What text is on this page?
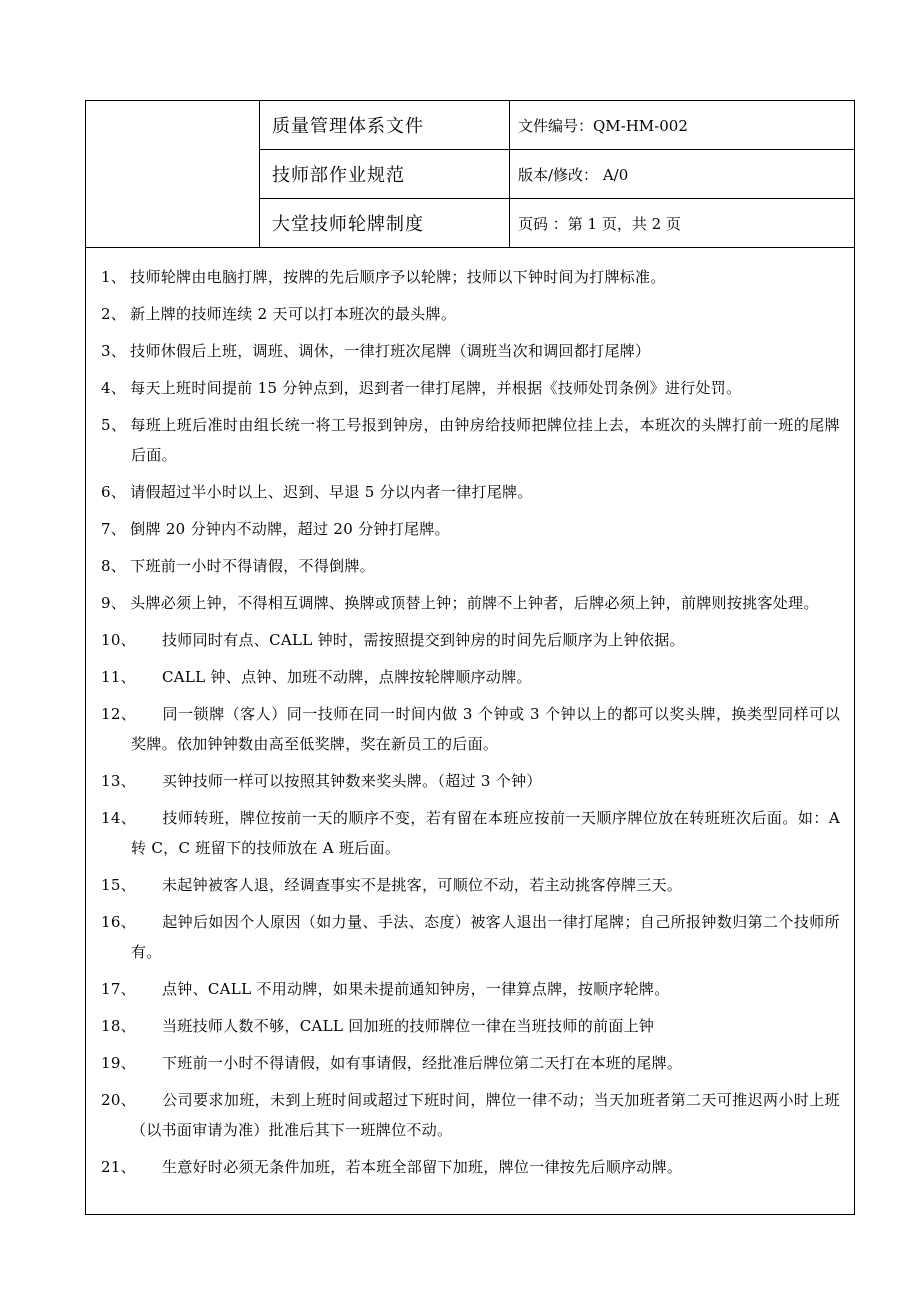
质量管理体系文件	文件编号：QM-HM-002
技师部作业规范	版本/修改： A/0
大堂技师轮牌制度	页码 ：第 1 页，共 2 页

1、 技师轮牌由电脑打牌，按牌的先后顺序予以轮牌；技师以下钟时间为打牌标准。

2、 新上牌的技师连续 2 天可以打本班次的最头牌。

3、 技师休假后上班，调班、调休，一律打班次尾牌（调班当次和调回都打尾牌）

4、 每天上班时间提前 15 分钟点到，迟到者一律打尾牌，并根据《技师处罚条例》进行处罚。

5、 每班上班后准时由组长统一将工号报到钟房，由钟房给技师把牌位挂上去，本班次的头牌打前一班的尾牌后面。

6、 请假超过半小时以上、迟到、早退 5 分以内者一律打尾牌。

7、 倒牌 20 分钟内不动牌，超过 20 分钟打尾牌。

8、 下班前一小时不得请假，不得倒牌。

9、 头牌必须上钟，不得相互调牌、换牌或顶替上钟；前牌不上钟者，后牌必须上钟，前牌则按挑客处理。

10、 技师同时有点、CALL 钟时，需按照提交到钟房的时间先后顺序为上钟依据。

11、 CALL 钟、点钟、加班不动牌，点牌按轮牌顺序动牌。

12、 同一锁牌（客人）同一技师在同一时间内做 3 个钟或 3 个钟以上的都可以奖头牌，换类型同样可以奖牌。依加钟钟数由高至低奖牌，奖在新员工的后面。

13、 买钟技师一样可以按照其钟数来奖头牌。（超过 3 个钟）

14、 技师转班，牌位按前一天的顺序不变，若有留在本班应按前一天顺序牌位放在转班班次后面。如：A 转 C，C 班留下的技师放在 A 班后面。

15、 未起钟被客人退，经调查事实不是挑客，可顺位不动，若主动挑客停牌三天。

16、 起钟后如因个人原因（如力量、手法、态度）被客人退出一律打尾牌；自己所报钟数归第二个技师所有。

17、 点钟、CALL 不用动牌，如果未提前通知钟房，一律算点牌，按顺序轮牌。

18、 当班技师人数不够，CALL 回加班的技师牌位一律在当班技师的前面上钟

19、 下班前一小时不得请假，如有事请假，经批准后牌位第二天打在本班的尾牌。

20、 公司要求加班，未到上班时间或超过下班时间，牌位一律不动；当天加班者第二天可推迟两小时上班（以书面审请为准）批准后其下一班牌位不动。

21、 生意好时必须无条件加班，若本班全部留下加班，牌位一律按先后顺序动牌。
